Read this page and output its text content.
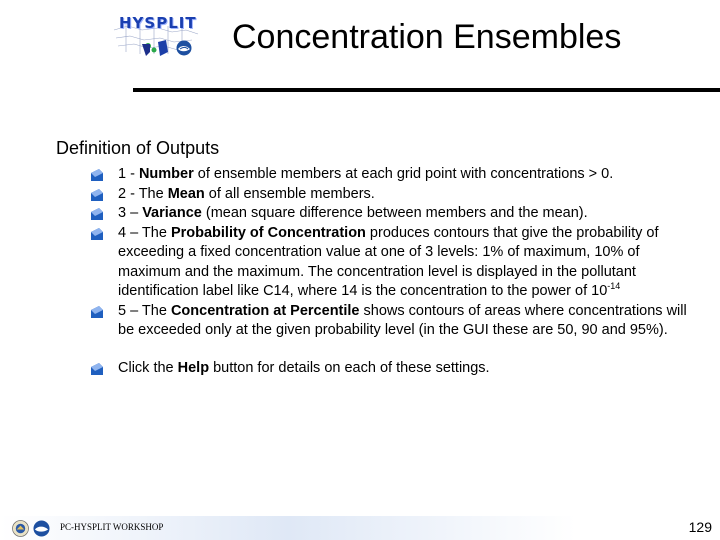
HYSPLIT Concentration Ensembles
Definition of Outputs
1 - Number of ensemble members at each grid point with concentrations > 0.
2 - The Mean of all ensemble members.
3 – Variance (mean square difference between members and the mean).
4 – The Probability of Concentration produces contours that give the probability of exceeding a fixed concentration value at one of 3 levels: 1% of maximum, 10% of maximum and the maximum. The concentration level is displayed in the pollutant identification label like C14, where 14 is the concentration to the power of $10^{-14}$
5 – The Concentration at Percentile shows contours of areas where concentrations will be exceeded only at the given probability level (in the GUI these are 50, 90 and 95%).
Click the Help button for details on each of these settings.
PC-HYSPLIT WORKSHOP	129
